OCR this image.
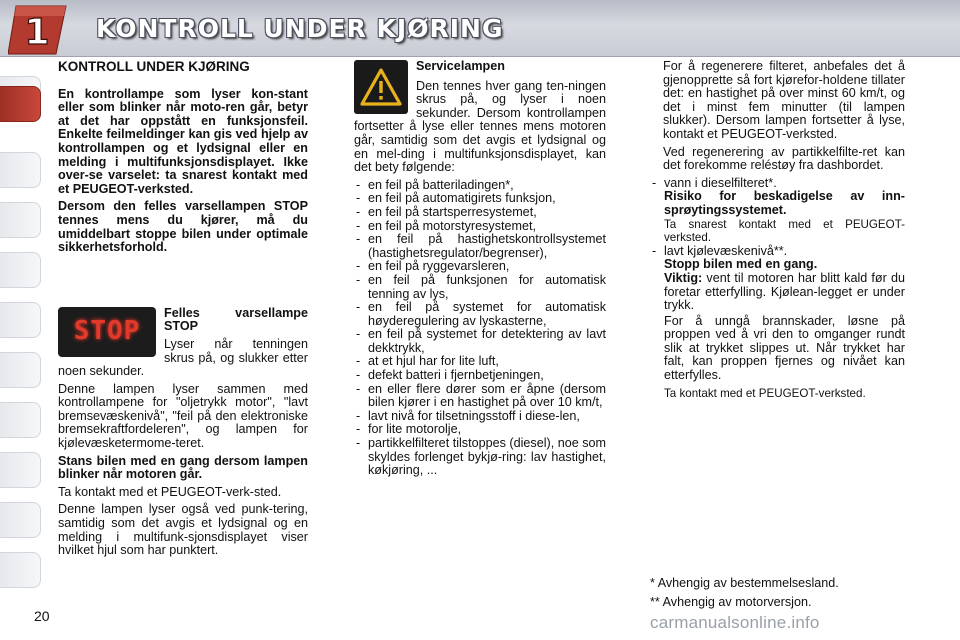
1 KONTROLL UNDER KJØRING
KONTROLL UNDER KJØRING

En kontrollampe som lyser kon-stant eller som blinker når moto-ren går, betyr at det har oppstått en funksjonsfeil. Enkelte feilmeldinger kan gis ved hjelp av kontrollampen og et lydsignal eller en melding i multifunksjonsdisplayet. Ikke over-se varselet: ta snarest kontakt med et PEUGEOT-verksted.

Dersom den felles varsellampen STOP tennes mens du kjører, må du umiddelbart stoppe bilen under optimale sikkerhetsforhold.

STOP

Felles varsellampe STOP

Lyser når tenningen skrus på, og slukker etter noen sekunder.

Denne lampen lyser sammen med kontrollampene for "oljetrykk motor", "lavt bremsevæskenivå", "feil på den elektroniske bremsekraftfordeleren", og lampen for kjølevæsketermome-teret.

Stans bilen med en gang dersom lampen blinker når motoren går.

Ta kontakt med et PEUGEOT-verk-sted.

Denne lampen lyser også ved punk-tering, samtidig som det avgis et lydsignal og en melding i multifunk-sjonsdisplayet viser hvilket hjul som har punktert.

Servicelampen

Den tennes hver gang ten-ningen skrus på, og lyser i noen sekunder. Dersom kontrollampen fortsetter å lyse eller tennes mens motoren går, samtidig som det avgis et lydsignal og en mel-ding i multifunksjonsdisplayet, kan det bety følgende:

- en feil på batteriladingen*,
- en feil på automatigirets funksjon,
- en feil på startsperresystemet,
- en feil på motorstyresystemet,
- en feil på hastighetskontrollsystemet (hastighetsregulator/begrenser),
- en feil på ryggevarsleren,
- en feil på funksjonen for automatisk tenning av lys,
- en feil på systemet for automatisk høyderegulering av lyskasterne,
- en feil på systemet for detektering av lavt dekktrykk,
- at et hjul har for lite luft,
- defekt batteri i fjernbetjeningen,
- en eller flere dører som er åpne (dersom bilen kjører i en hastighet på over 10 km/t,
- lavt nivå for tilsetningsstoff i diese-len,
- for lite motorolje,
- partikkelfilteret tilstoppes (diesel), noe som skyldes forlenget bykjø-ring: lav hastighet, køkjøring, ...

For å regenerere filteret, anbefales det å gjenopprette så fort kjørefor-holdene tillater det: en hastighet på over minst 60 km/t, og det i minst fem minutter (til lampen slukker). Dersom lampen fortsetter å lyse, kontakt et PEUGEOT-verksted.

Ved regenerering av partikkelfilte-ret kan det forekomme reléstøy fra dashbordet.

- vann i dieselfilteret*.
Risiko for beskadigelse av inn-sprøytingssystemet.
Ta snarest kontakt med et PEUGEOT-verksted.
- lavt kjølevæskenivå**.
Stopp bilen med en gang.
Viktig: vent til motoren har blitt kald før du foretar etterfylling. Kjølean-legget er under trykk.

For å unngå brannskader, løsne på proppen ved å vri den to omganger rundt slik at trykket slippes ut. Når trykket har falt, kan proppen fjernes og nivået kan etterfylles.

Ta kontakt med et PEUGEOT-verksted.
* Avhengig av bestemmelsesland.
** Avhengig av motorversjon.
20	carmanualsonline.info
